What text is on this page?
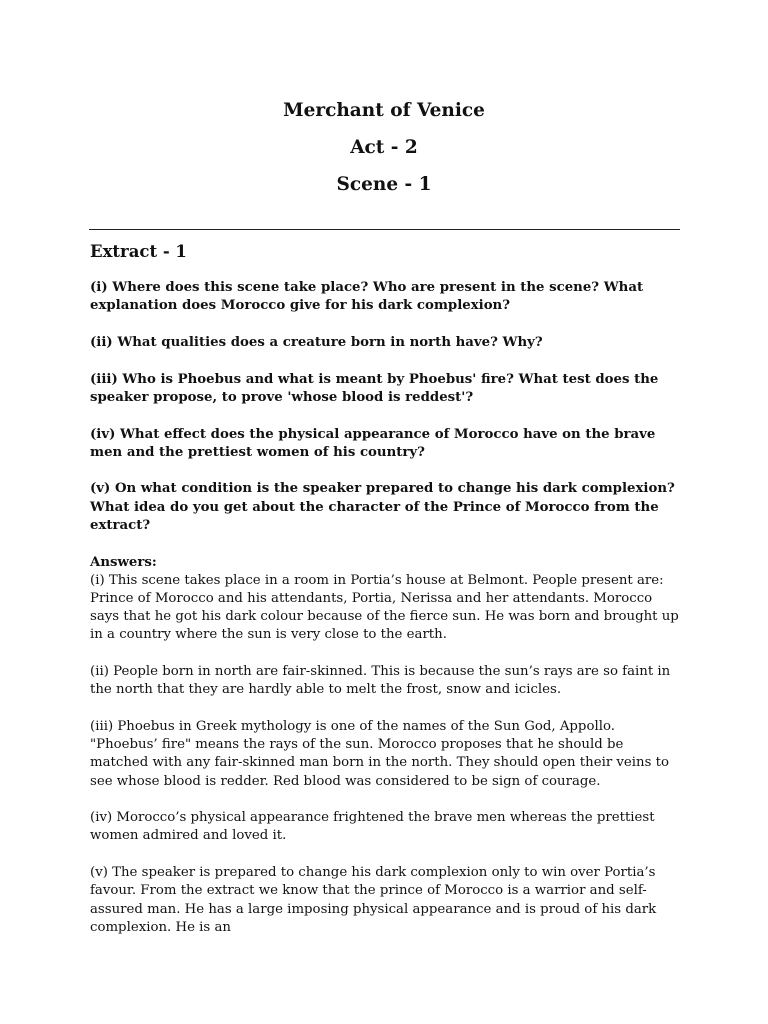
Merchant of Venice

Act - 2

Scene - 1

Extract - 1

(i) Where does this scene take place? Who are present in the scene? What explanation does Morocco give for his dark complexion?

(ii) What qualities does a creature born in north have? Why?

(iii) Who is Phoebus and what is meant by Phoebus' fire? What test does the speaker propose, to prove 'whose blood is reddest'?

(iv) What effect does the physical appearance of Morocco have on the brave men and the prettiest women of his country?

(v) On what condition is the speaker prepared to change his dark complexion? What idea do you get about the character of the Prince of Morocco from the extract?

Answers:

(i) This scene takes place in a room in Portia’s house at Belmont. People present are: Prince of Morocco and his attendants, Portia, Nerissa and her attendants. Morocco says that he got his dark colour because of the fierce sun. He was born and brought up in a country where the sun is very close to the earth.

(ii) People born in north are fair-skinned. This is because the sun’s rays are so faint in the north that they are hardly able to melt the frost, snow and icicles.

(iii) Phoebus in Greek mythology is one of the names of the Sun God, Appollo. "Phoebus’ fire" means the rays of the sun. Morocco proposes that he should be matched with any fair-skinned man born in the north. They should open their veins to see whose blood is redder. Red blood was considered to be sign of courage.

(iv) Morocco’s physical appearance frightened the brave men whereas the prettiest women admired and loved it.

(v) The speaker is prepared to change his dark complexion only to win over Portia’s favour. From the extract we know that the prince of Morocco is a warrior and self-assured man. He has a large imposing physical appearance and is proud of his dark complexion. He is an
